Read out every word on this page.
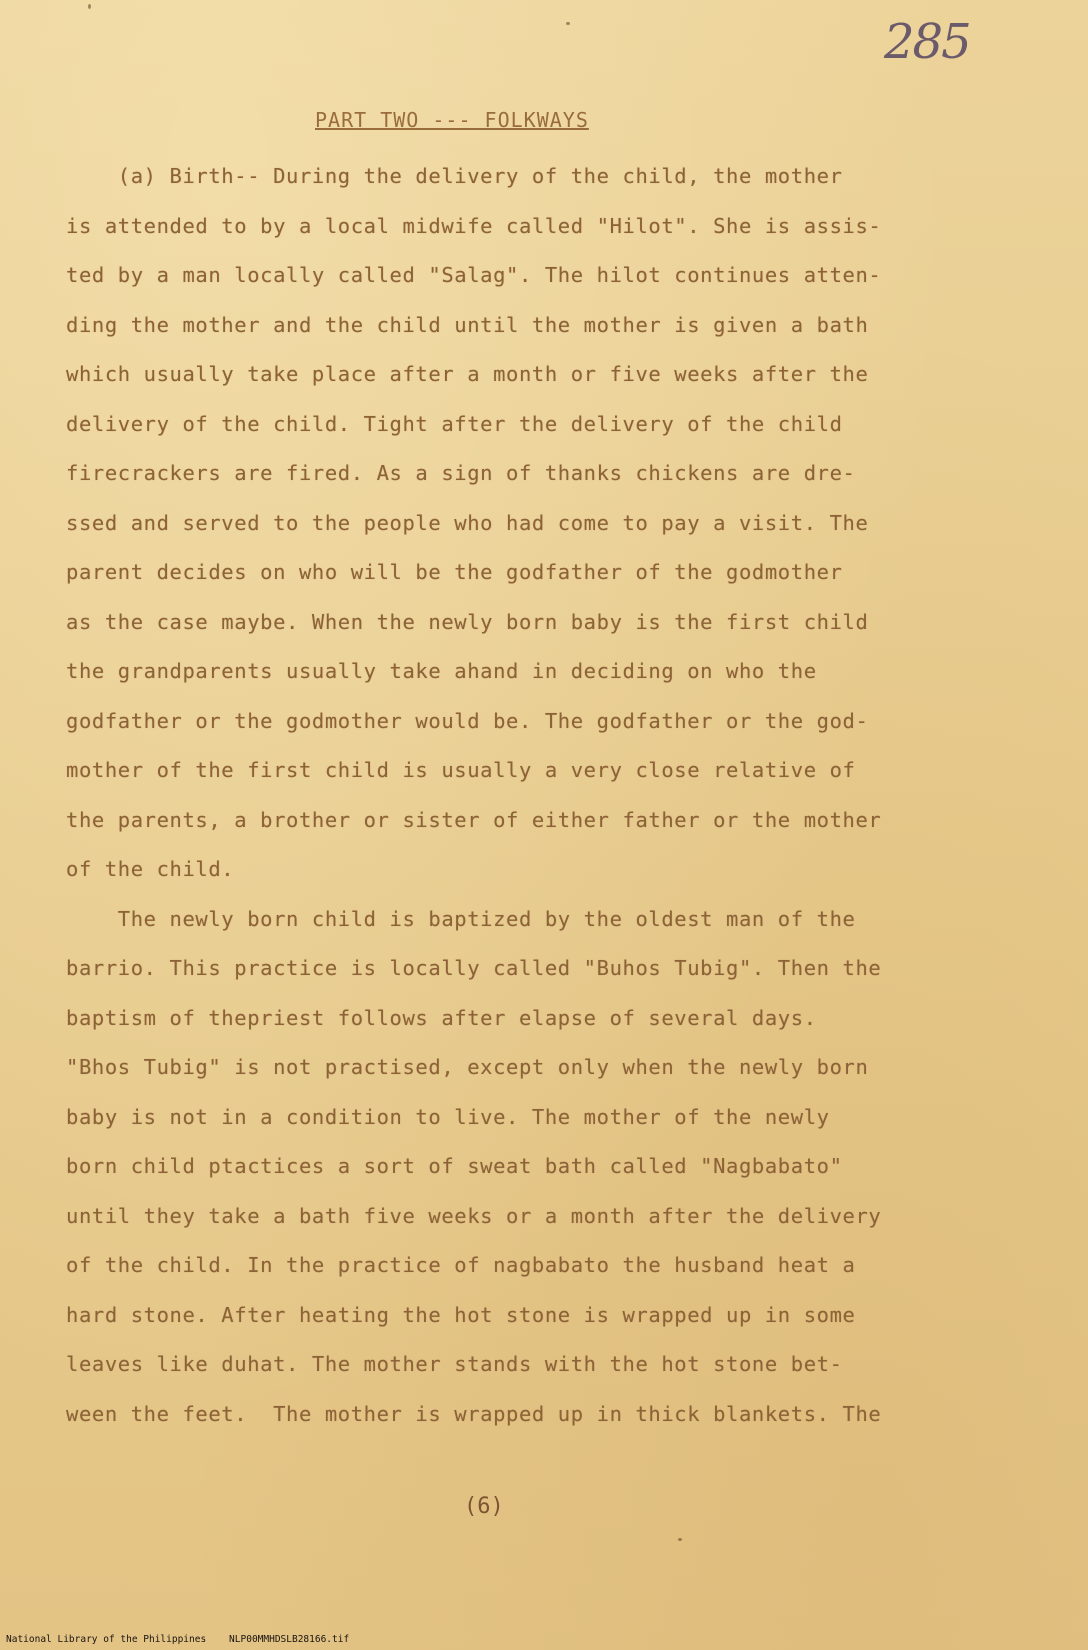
285
PART TWO --- FOLKWAYS
(a) Birth-- During the delivery of the child, the mother
is attended to by a local midwife called "Hilot". She is assis-
ted by a man locally called "Salag". The hilot continues atten-
ding the mother and the child until the mother is given a bath
which usually take place after a month or five weeks after the
delivery of the child. Tight after the delivery of the child
firecrackers are fired. As a sign of thanks chickens are dre-
ssed and served to the people who had come to pay a visit. The
parent decides on who will be the godfather of the godmother
as the case maybe. When the newly born baby is the first child
the grandparents usually take ahand in deciding on who the
godfather or the godmother would be. The godfather or the god-
mother of the first child is usually a very close relative of
the parents, a brother or sister of either father or the mother
of the child.
The newly born child is baptized by the oldest man of the
barrio. This practice is locally called "Buhos Tubig". Then the
baptism of thepriest follows after elapse of several days.
"Bhos Tubig" is not practised, except only when the newly born
baby is not in a condition to live. The mother of the newly
born child ptactices a sort of sweat bath called "Nagbabato"
until they take a bath five weeks or a month after the delivery
of the child. In the practice of nagbabato the husband heat a
hard stone. After heating the hot stone is wrapped up in some
leaves like duhat. The mother stands with the hot stone bet-
ween the feet.  The mother is wrapped up in thick blankets. The
(6)
National Library of the Philippines    NLP00MMHDSLB28166.tif
